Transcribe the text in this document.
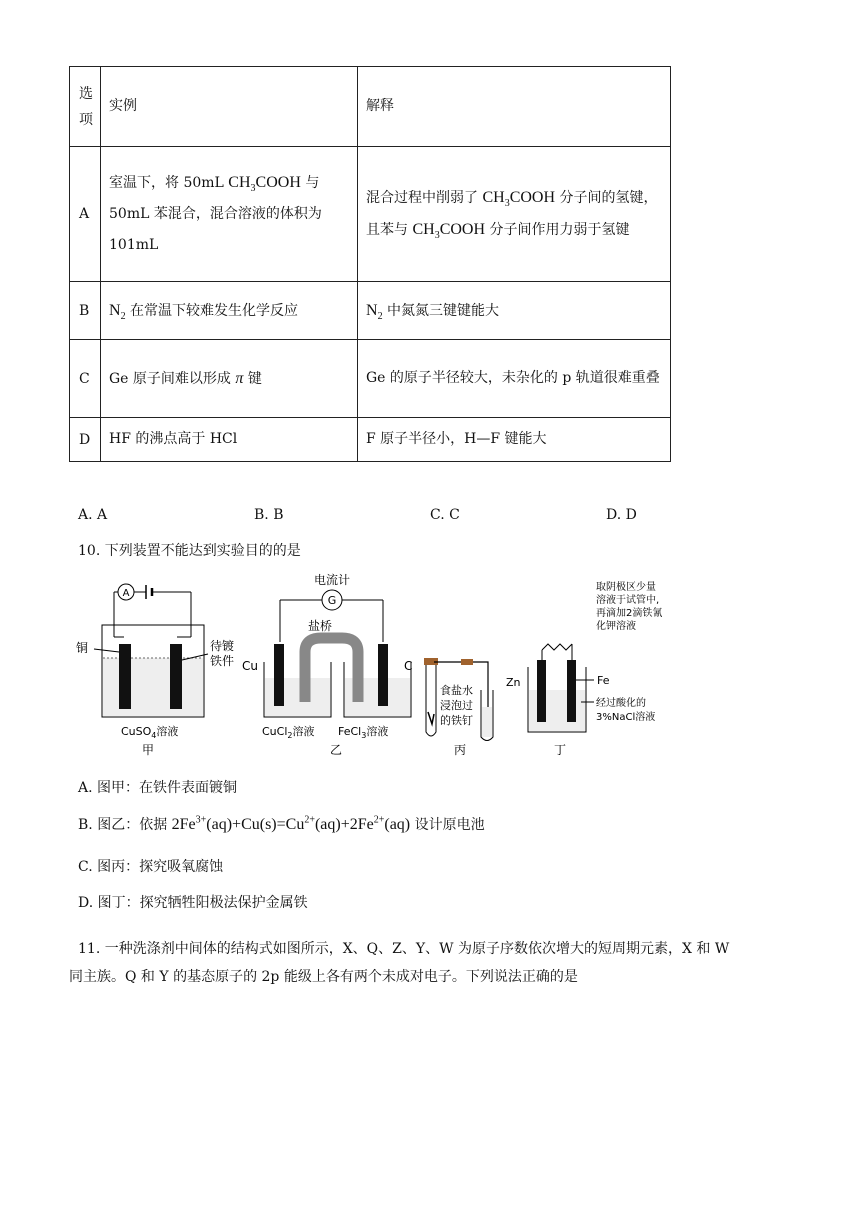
选项	实例	解释
A	室温下，将 50mL $CH_3COOH$ 与 50mL 苯混合，混合溶液的体积为 101mL	混合过程中削弱了 $CH_3COOH$ 分子间的氢键，且苯与 $CH_3COOH$ 分子间作用力弱于氢键
B	$N_2$ 在常温下较难发生化学反应	$N_2$ 中氮氮三键键能大
C	Ge 原子间难以形成 π 键	Ge 的原子半径较大，未杂化的 p 轨道很难重叠
D	HF 的沸点高于 HCl	F 原子半径小，H—F 键能大
A. A	B. B	C. C	D. D
10. 下列装置不能达到实验目的的是
A
铜	待镀
铁件
CuSO$_4$溶液
甲
电流计
G
盐桥
Cu	C
CuCl$_2$溶液 FeCl$_3$溶液
乙
食盐水
浸泡过
的铁钉
丙
取阴极区少量
溶液于试管中,
再滴加2滴铁氰
化钾溶液
Zn	Fe
经过酸化的
3%NaCl溶液
丁
A. 图甲：在铁件表面镀铜
B. 图乙：依据 $2Fe^{3+}(aq)+Cu(s)=Cu^{2+}(aq)+2Fe^{2+}(aq)$ 设计原电池
C. 图丙：探究吸氧腐蚀
D. 图丁：探究牺牲阳极法保护金属铁
11. 一种洗涤剂中间体的结构式如图所示，X、Q、Z、Y、W 为原子序数依次增大的短周期元素，X 和 W
同主族。Q 和 Y 的基态原子的 2p 能级上各有两个未成对电子。下列说法正确的是
